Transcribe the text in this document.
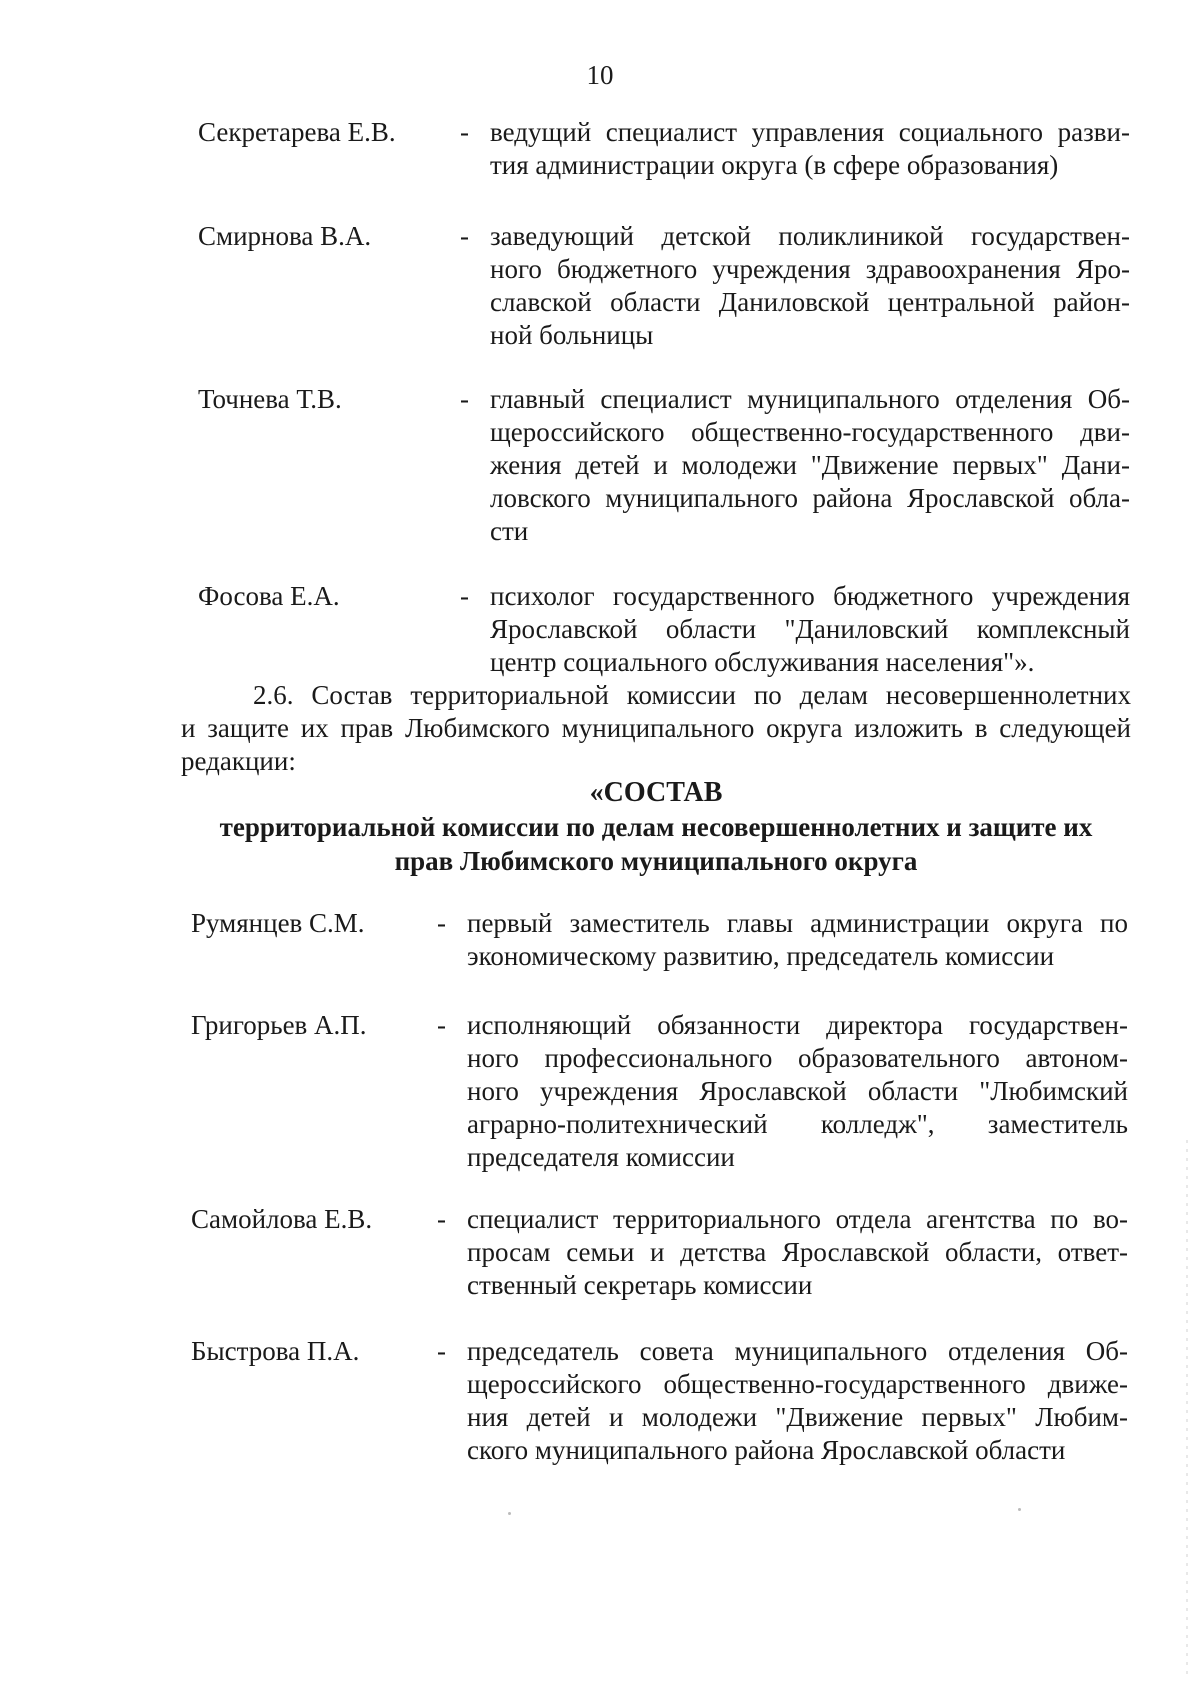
10
Секретарева Е.В. - ведущий специалист управления социального разви-
тия администрации округа (в сфере образования)
Смирнова В.А.	- заведующий детской поликлиникой государствен-
ного бюджетного учреждения здравоохранения Яро-
славской области Даниловской центральной район-
ной больницы
Точнева Т.В.	- главный специалист муниципального отделения Об-
щероссийского общественно-государственного дви-
жения детей и молодежи "Движение первых" Дани-
ловского муниципального района Ярославской обла-
сти
Фосова Е.А.	- психолог государственного бюджетного учреждения
Ярославской области "Даниловский комплексный
центр социального обслуживания населения"».
2.6. Состав территориальной комиссии по делам несовершеннолетних
и защите их прав Любимского муниципального округа изложить в следующей
редакции:
«СОСТАВ
территориальной комиссии по делам несовершеннолетних и защите их
прав Любимского муниципального округа
Румянцев С.М.	- первый заместитель главы администрации округа по
экономическому развитию, председатель комиссии
Григорьев А.П.	- исполняющий обязанности директора государствен-
ного профессионального образовательного автоном-
ного учреждения Ярославской области "Любимский
аграрно-политехнический колледж", заместитель
председателя комиссии
Самойлова Е.В. - специалист территориального отдела агентства по во-
просам семьи и детства Ярославской области, ответ-
ственный секретарь комиссии
Быстрова П.А.	- председатель совета муниципального отделения Об-
щероссийского общественно-государственного движе-
ния детей и молодежи "Движение первых" Любим-
ского муниципального района Ярославской области
